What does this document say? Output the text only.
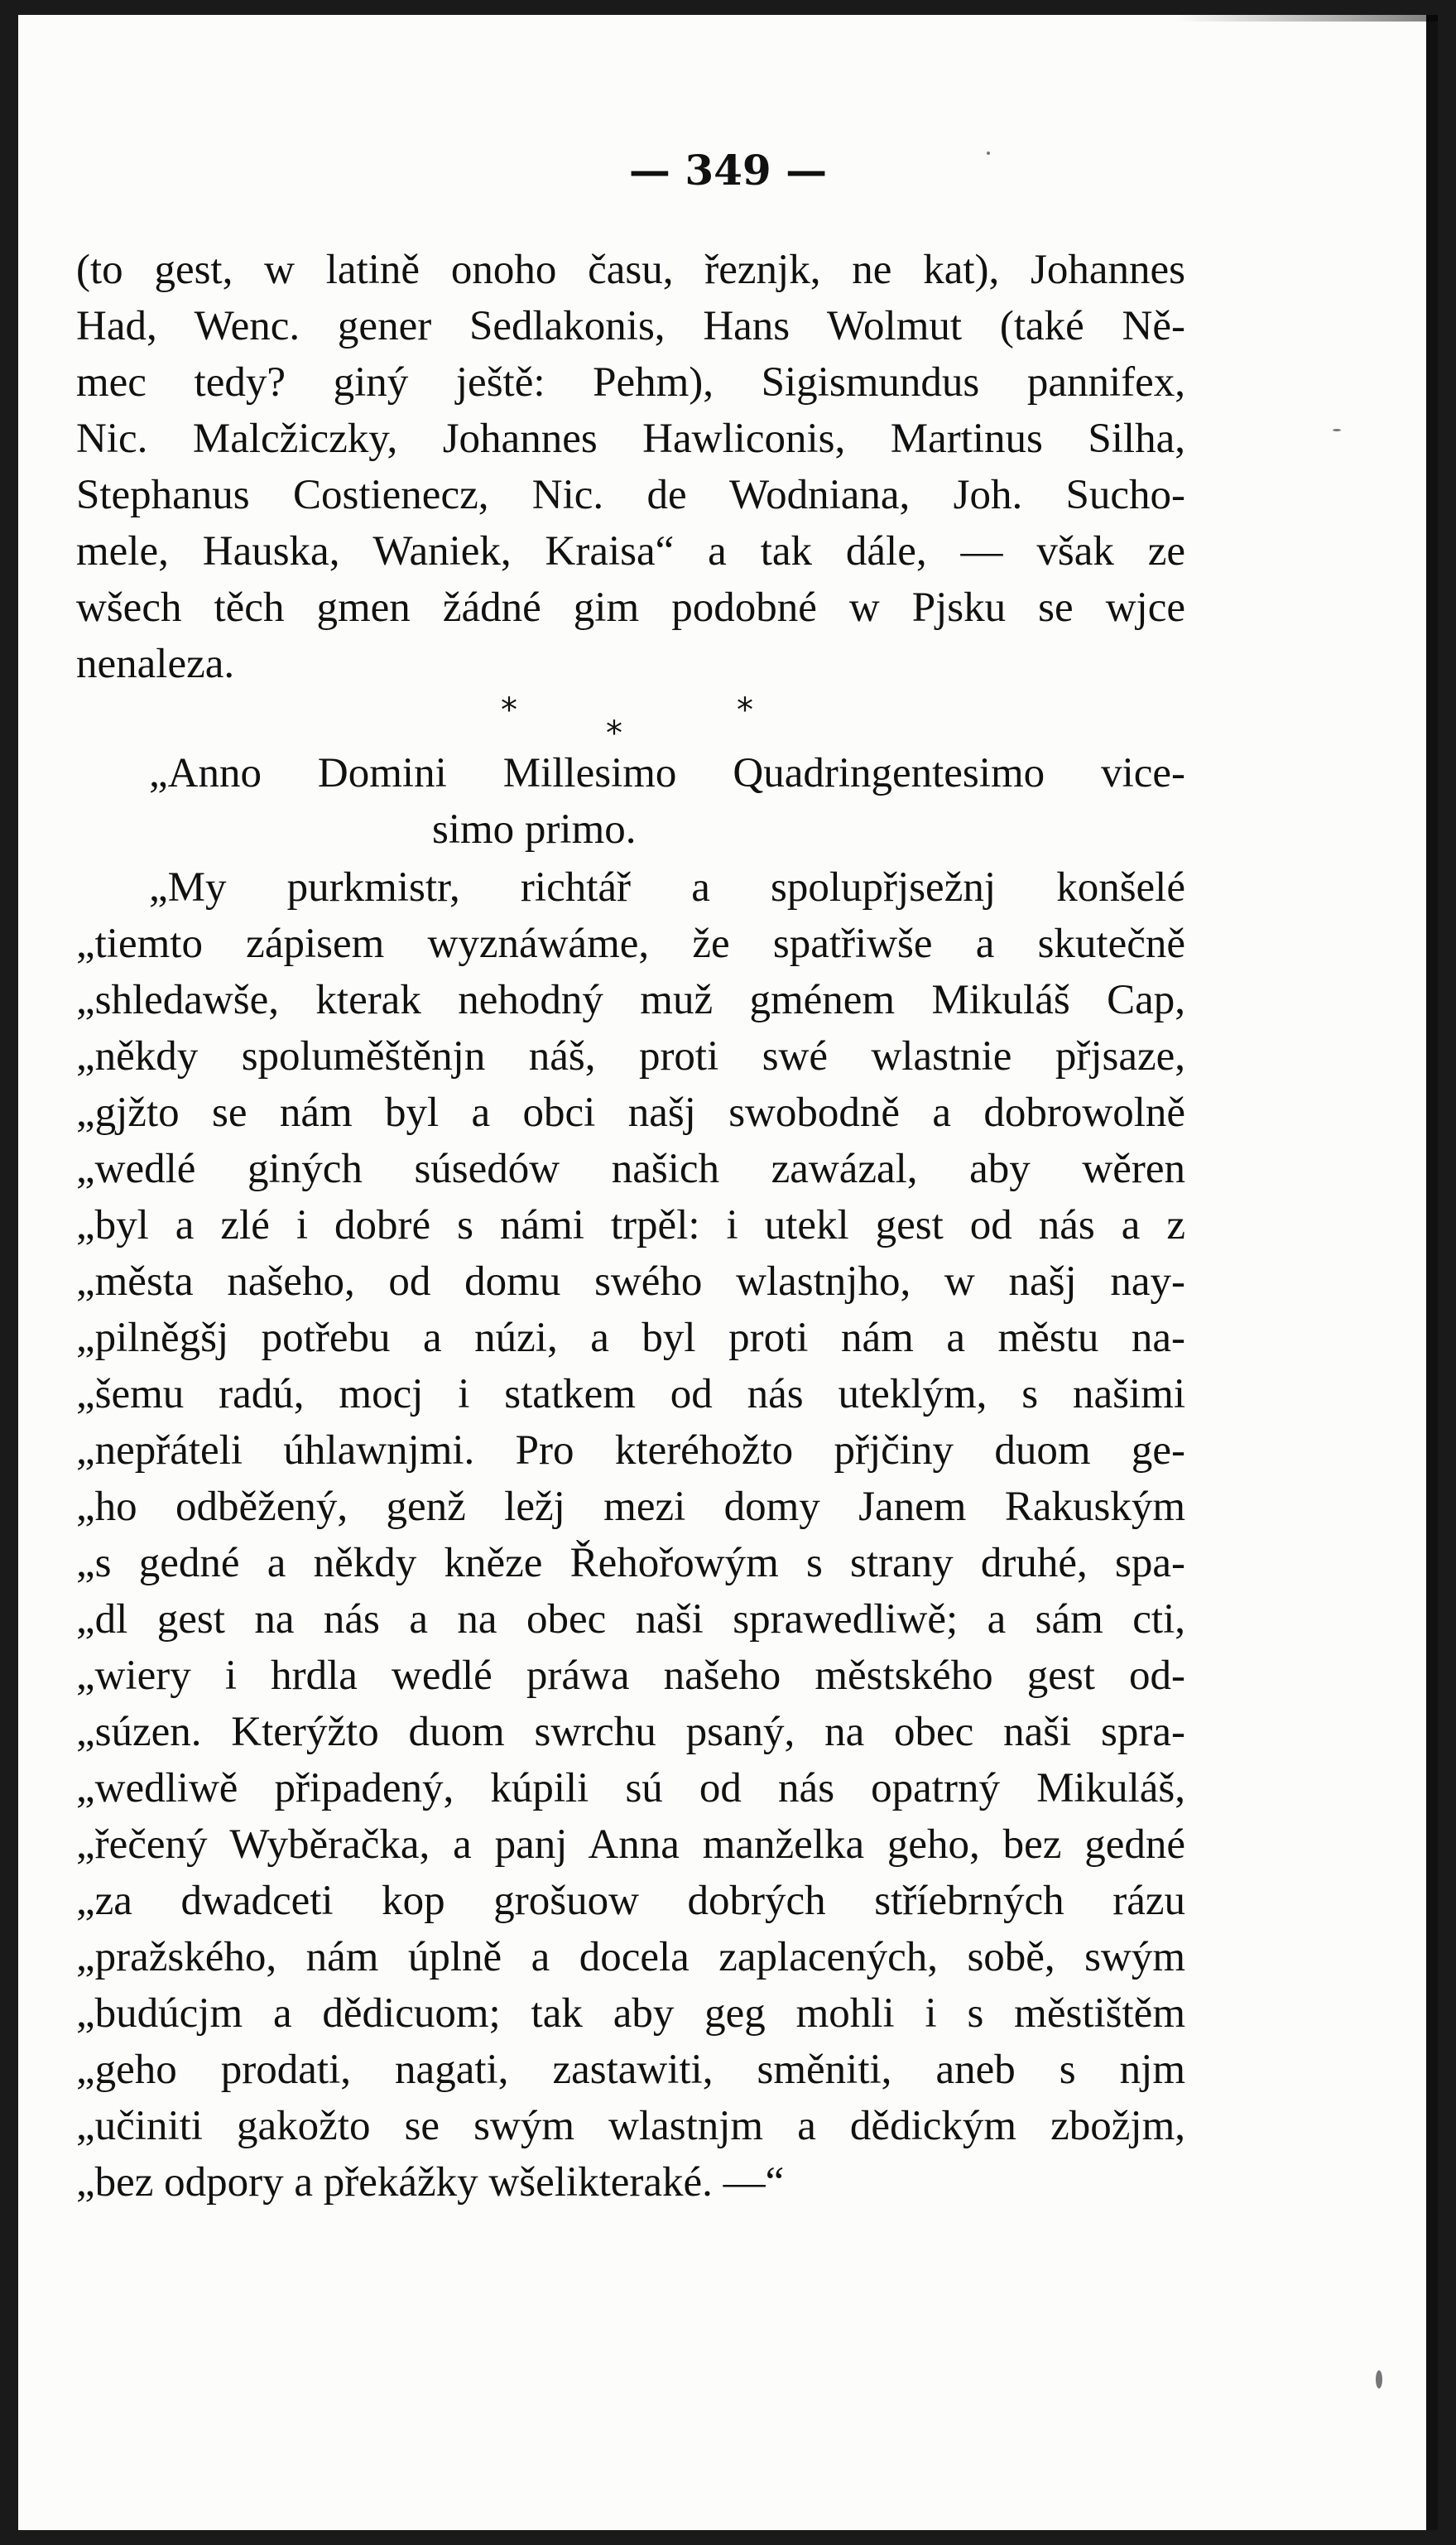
— 349 —
(to gest, w latině onoho času, řeznjk, ne kat), Johannes
Had, Wenc. gener Sedlakonis, Hans Wolmut (také Ně-
mec tedy? giný ještě: Pehm), Sigismundus pannifex,
Nic. Malcžiczky, Johannes Hawliconis, Martinus Silha,
Stephanus Costienecz, Nic. de Wodniana, Joh. Sucho-
mele, Hauska, Waniek, Kraisa“ a tak dále, — však ze
wšech těch gmen žádné gim podobné w Pjsku se wjce
nenaleza.
„Anno Domini Millesimo Quadringentesimo vice-
simo primo.
„My purkmistr, richtář a spolupřjsežnj konšelé
„tiemto zápisem wyznáwáme, že spatřiwše a skutečně
„shledawše, kterak nehodný muž gménem Mikuláš Cap,
„někdy spoluměštěnjn náš, proti swé wlastnie přjsaze,
„gjžto se nám byl a obci našj swobodně a dobrowolně
„wedlé giných súsedów našich zawázal, aby wěren
„byl a zlé i dobré s námi trpěl: i utekl gest od nás a z
„města našeho, od domu swého wlastnjho, w našj nay-
„pilněgšj potřebu a núzi, a byl proti nám a městu na-
„šemu radú, mocj i statkem od nás uteklým, s našimi
„nepřáteli úhlawnjmi. Pro kteréhožto přjčiny duom ge-
„ho odběžený, genž ležj mezi domy Janem Rakuským
„s gedné a někdy kněze Řehořowým s strany druhé, spa-
„dl gest na nás a na obec naši sprawedliwě; a sám cti,
„wiery i hrdla wedlé práwa našeho městského gest od-
„súzen. Kterýžto duom swrchu psaný, na obec naši spra-
„wedliwě připadený, kúpili sú od nás opatrný Mikuláš,
„řečený Wyběračka, a panj Anna manželka geho, bez gedné
„za dwadceti kop grošuow dobrých stříebrných rázu
„pražského, nám úplně a docela zaplacených, sobě, swým
„budúcjm a dědicuom; tak aby geg mohli i s městištěm
„geho prodati, nagati, zastawiti, směniti, aneb s njm
„učiniti gakožto se swým wlastnjm a dědickým zbožjm,
„bez odpory a překážky wšelikteraké. —“
*
*
*
